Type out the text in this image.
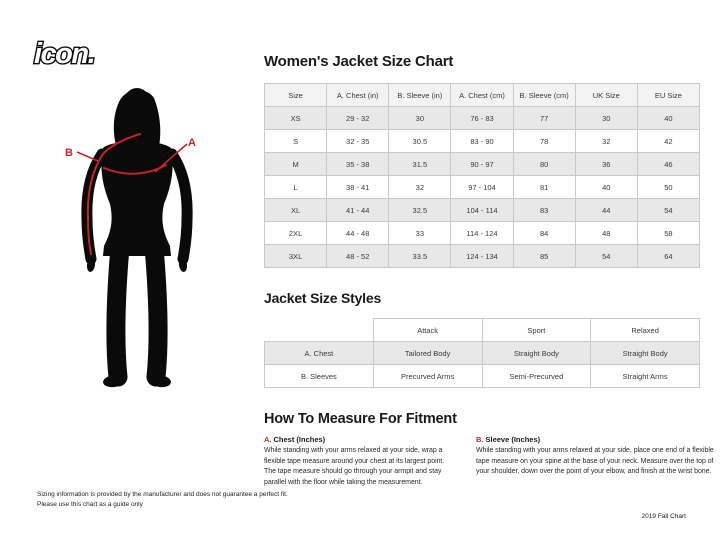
icon.
A
B
Women's Jacket Size Chart
Size	A. Chest (in)	B. Sleeve (in)	A. Chest (cm)	B. Sleeve (cm)	UK Size	EU Size
XS	29 - 32	30	76 - 83	77	30	40
S	32 - 35	30.5	83 - 90	78	32	42
M	35 - 38	31.5	90 - 97	80	36	46
L	38 - 41	32	97 - 104	81	40	50
XL	41 - 44	32.5	104 - 114	83	44	54
2XL	44 - 48	33	114 - 124	84	48	58
3XL	48 - 52	33.5	124 - 134	85	54	64
Jacket Size Styles
	Attack	Sport	Relaxed
A. Chest	Tailored Body	Straight Body	Straight Body
B. Sleeves	Precurved Arms	Semi-Precurved	Straight Arms
How To Measure For Fitment
A. Chest (Inches)

While standing with your arms relaxed at your side, wrap a flexible tape measure around your chest at its largest point. The tape measure should go through your armpit and stay parallel with the floor while taking the measurement.

B. Sleeve (Inches)

While standing with your arms relaxed at your side, place one end of a flexible tape measure on your spine at the base of your neck. Measure over the top of your shoulder, down over the point of your elbow, and finish at the wrist bone.

Sizing information is provided by the manufacturer and does not guarantee a perfect fit.
Please use this chart as a guide only
2019 Fall Chart
